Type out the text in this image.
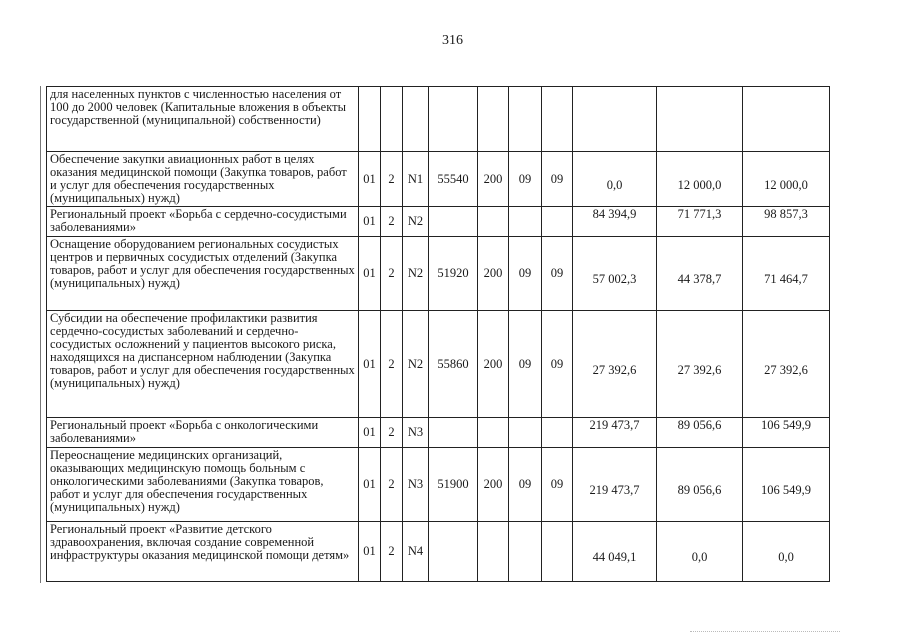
316
для населенных пунктов с численностью населения от 100 до 2000 человек (Капитальные вложения в объекты государственной (муниципальной) собственности)										
Обеспечение закупки авиационных работ в целях оказания медицинской помощи (Закупка товаров, работ и услуг для обеспечения государственных (муниципальных) нужд)	01	2	N1	55540	200	09	09	0,0	12 000,0	12 000,0
Региональный проект «Борьба с сердечно-сосудистыми заболеваниями»	01	2	N2					84 394,9	71 771,3	98 857,3
Оснащение оборудованием региональных сосудистых центров и первичных сосудистых отделений (Закупка товаров, работ и услуг для обеспечения государственных (муниципальных) нужд)	01	2	N2	51920	200	09	09	57 002,3	44 378,7	71 464,7
Субсидии на обеспечение профилактики развития сердечно-сосудистых заболеваний и сердечно-сосудистых осложнений у пациентов высокого риска, находящихся на диспансерном наблюдении (Закупка товаров, работ и услуг для обеспечения государственных (муниципальных) нужд)	01	2	N2	55860	200	09	09	27 392,6	27 392,6	27 392,6
Региональный проект «Борьба с онкологическими заболеваниями»	01	2	N3					219 473,7	89 056,6	106 549,9
Переоснащение медицинских организаций, оказывающих медицинскую помощь больным с онкологическими заболеваниями (Закупка товаров, работ и услуг для обеспечения государственных (муниципальных) нужд)	01	2	N3	51900	200	09	09	219 473,7	89 056,6	106 549,9
Региональный проект «Развитие детского здравоохранения, включая создание современной инфраструктуры оказания медицинской помощи детям»	01	2	N4					44 049,1	0,0	0,0
